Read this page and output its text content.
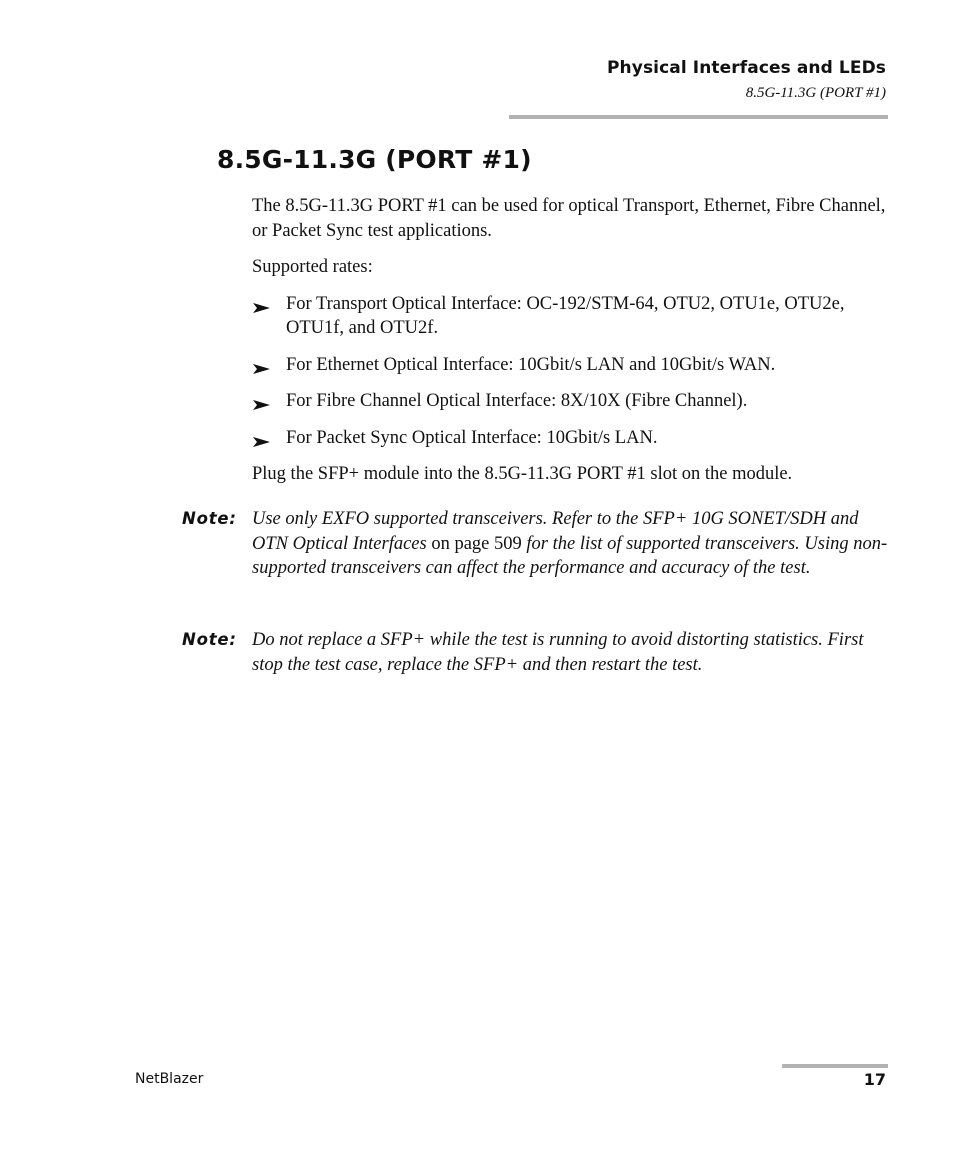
Physical Interfaces and LEDs
8.5G-11.3G (PORT #1)
8.5G-11.3G (PORT #1)

The 8.5G-11.3G PORT #1 can be used for optical Transport, Ethernet, Fibre Channel, or Packet Sync test applications.

Supported rates:

For Transport Optical Interface: OC-192/STM-64, OTU2, OTU1e, OTU2e, OTU1f, and OTU2f.
For Ethernet Optical Interface: 10Gbit/s LAN and 10Gbit/s WAN.
For Fibre Channel Optical Interface: 8X/10X (Fibre Channel).
For Packet Sync Optical Interface: 10Gbit/s LAN.

Plug the SFP+ module into the 8.5G-11.3G PORT #1 slot on the module.

Note: Use only EXFO supported transceivers. Refer to the SFP+ 10G SONET/SDH and OTN Optical Interfaces on page 509 for the list of supported transceivers. Using non-supported transceivers can affect the performance and accuracy of the test.
Note: Do not replace a SFP+ while the test is running to avoid distorting statistics. First stop the test case, replace the SFP+ and then restart the test.
NetBlazer	17
